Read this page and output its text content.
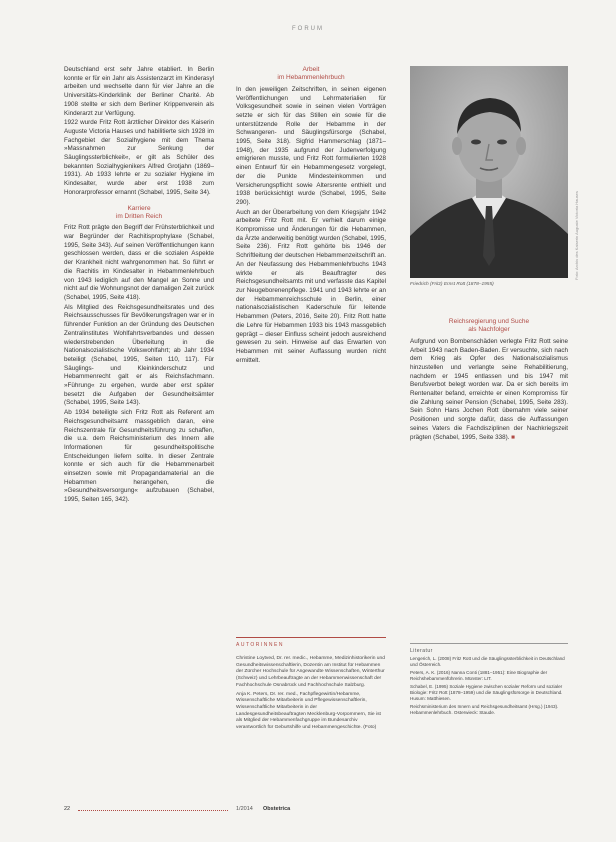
FORUM

Deutschland erst sehr Jahre etabliert. In Berlin konnte er für ein Jahr als Assistenzarzt im Kinderasyl arbeiten und wechselte dann für vier Jahre an die Universitäts-Kinderklinik der Berliner Charité. Ab 1908 stellte er sich dem Berliner Krippenverein als Kinderarzt zur Verfügung.

1922 wurde Fritz Rott ärztlicher Direktor des Kaiserin Auguste Victoria Hauses und habilitierte sich 1928 im Fachgebiet der Sozialhygiene mit dem Thema »Massnahmen zur Senkung der Säuglingssterblichkeit«, er gilt als Schüler des bekannten Sozialhygienikers Alfred Grotjahn (1869–1931). Ab 1933 lehrte er zu sozialer Hygiene im Kindesalter, wurde aber erst 1938 zum Honorarprofessor ernannt (Schabel, 1995, Seite 34).

Karriere
im Dritten Reich

Fritz Rott prägte den Begriff der Frühsterblichkeit und war Begründer der Rachitisprophylaxe (Schabel, 1995, Seite 343). Auf seinen Veröffentlichungen kann geschlossen werden, dass er die sozialen Aspekte der Krankheit nicht wahrgenommen hat. So führt er die Rachitis im Kindesalter in Hebammenlehrbuch von 1943 lediglich auf den Mangel an Sonne und nicht auf die Wohnungsnot der damaligen Zeit zurück (Schabel, 1995, Seite 418).

Als Mitglied des Reichsgesundheitsrates und des Reichsausschusses für Bevölkerungsfragen war er in führender Funktion an der Gründung des Deutschen Zentralinstitutes Wohlfahrtsverbandes und dessen wiederstrebenden Überleitung in die Nationalsozialistische Volkswohlfahrt; ab Jahr 1934 beteiligt (Schabel, 1995, Seiten 110, 117). Für Säuglings- und Kleinkinderschutz und Hebammenrecht galt er als Reichsfachmann. »Führung« zu ergehen, wurde aber erst später besetzt die Aufgaben der Gesundheitsämter (Schabel, 1995, Seite 143).

Ab 1934 beteiligte sich Fritz Rott als Referent am Reichsgesundheitsamt massgeblich daran, eine Reichszentrale für Gesundheitsführung zu schaffen, die u.a. dem Reichsministerium des Innern alle Informationen für gesundheitspolitische Entscheidungen liefern sollte. In dieser Zentrale konnte er sich auch für die Hebammenarbeit einsetzen sowie mit Propagandamaterial an die Hebammen herangehen, die »Gesundheitsversorgung« aufzubauen (Schabel, 1995, Seiten 165, 342).

Arbeit
im Hebammenlehrbuch

In den jeweiligen Zeitschriften, in seinen eigenen Veröffentlichungen und Lehrmaterialien für Volksgesundheit sowie in seinen vielen Vorträgen setzte er sich für das Stillen ein sowie für die unterstützende Rolle der Hebamme in der Schwangeren- und Säuglingsfürsorge (Schabel, 1995, Seite 318). Sigfrid Hammerschlag (1871–1948), der 1935 aufgrund der Judenverfolgung emigrieren musste, und Fritz Rott formulierten 1928 einen Entwurf für ein Hebammengesetz vorgelegt, der die Punkte Mindesteinkommen und Versicherungspflicht sowie Altersrente enthielt und 1938 berücksichtigt wurde (Schabel, 1995, Seite 290).

Auch an der Überarbeitung von dem Kriegsjahr 1942 arbeitete Fritz Rott mit. Er verhielt darum einige Kompromisse und Änderungen für die Hebammen, da Ärzte anderweitig benötigt wurden (Schabel, 1995, Seite 236). Fritz Rott gehörte bis 1946 der Schriftleitung der deutschen Hebammenzeitschrift an. An der Neufassung des Hebammenlehrbuchs 1943 wirkte er als Beauftragter des Reichsgesundheitsamts mit und verfasste das Kapitel zur Neugeborenenpflege. 1941 und 1943 lehrte er an der Hebammenreichsschule in Berlin, einer nationalsozialistischen Kaderschule für leitende Hebammen (Peters, 2016, Seite 20). Fritz Rott hatte die Lehre für Hebammen 1933 bis 1943 massgeblich geprägt – dieser Einfluss scheint jedoch ausreichend gewesen zu sein. Hinweise auf das Erwarten von Hebammen mit seiner Auffassung wurden nicht ermittelt.

Friedrich (Fritz) Ernst Rott (1878–1955)
Foto: Archiv des Kaiserin Auguste Victoria Hauses
Reichsregierung und Suche
als Nachfolger

Aufgrund von Bombenschäden verlegte Fritz Rott seine Arbeit 1943 nach Baden-Baden. Er versuchte, sich nach dem Krieg als Opfer des Nationalsozialismus hinzustellen und verlangte seine Rehabilitierung, nachdem er 1945 entlassen und bis 1947 mit Berufsverbot belegt worden war. Da er sich bereits im Rentenalter befand, erreichte er einen Kompromiss für die Zahlung seiner Pension (Schabel, 1995, Seite 283). Sein Sohn Hans Jochen Rott übernahm viele seiner Positionen und sorgte dafür, dass die Auffassungen seines Vaters die Fachdisziplinen der Nachkriegszeit prägten (Schabel, 1995, Seite 338). ■

AUTORINNEN

Christine Loytved, Dr. rer. medic., Hebamme, Medizinhistorikerin und Gesundheitswissenschaftlerin, Dozentin am Institut für Hebammen der Zürcher Hochschule für Angewandte Wissenschaften, Winterthur (Schweiz) und Lehrbeauftragte an der Hebammenwissenschaft der Fachhochschule Osnabrück und Fachhochschule Salzburg.

Anja K. Peters, Dr. rer. med., Fachpflegewirtin/Hebamme, Wissenschaftliche Mitarbeiterin und Pflegewissenschaftlerin, Wissenschaftliche Mitarbeiterin in der Landesgesundheitsbeauftragten Mecklenburg-Vorpommern, Sie ist als Mitglied der Hebammenfachgruppe im Bundesarchiv verantwortlich für Geburtshilfe und Hebammengeschichte. (Foto)

Literatur

Lengerich, L. (2008) Fritz Rott und die Säuglingssterblichkeit in Deutschland und Österreich.

Peters, A. K. (2016) Nanna Conti (1881–1951): Eine Biographie der Reichshebammenführerin. Münster: LIT.

Schabel, E. (1995) Soziale Hygiene zwischen sozialer Reform und sozialer Biologie: Fritz Rott (1878–1959) und die Säuglingsfürsorge in Deutschland. Husum: Matthiesen.

Reichsministerium des Innern und Reichsgesundheitsamt (Hrsg.) (1943). Hebammenlehrbuch. Osterwieck: Staude.

22	1/2014 Obstetrica
